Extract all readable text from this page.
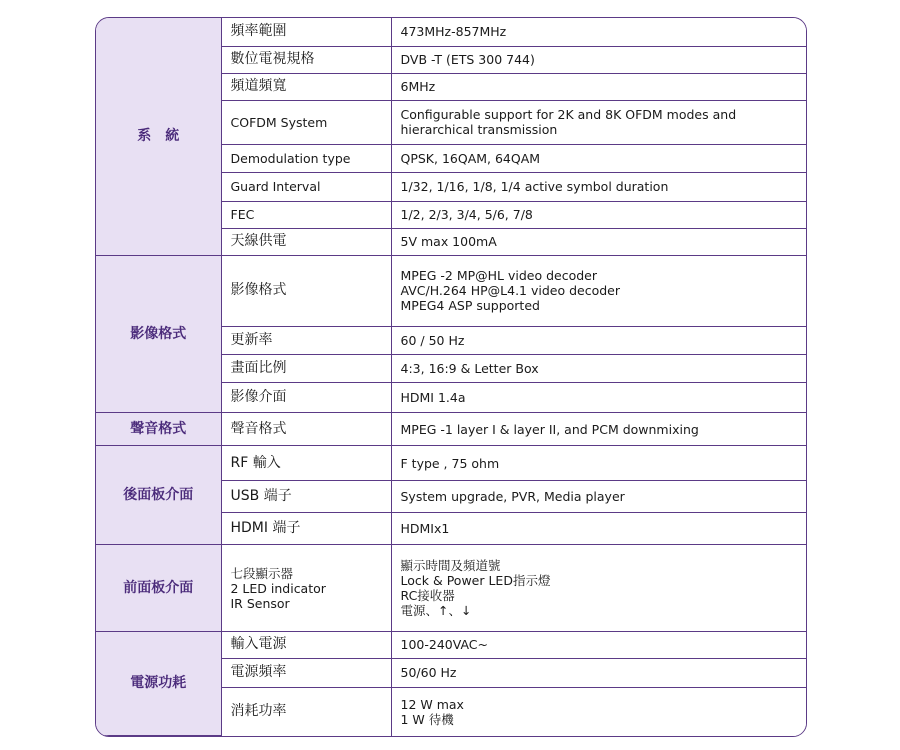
系　統	頻率範圍	473MHz-857MHz
	數位電視規格	DVB -T (ETS 300 744)
	頻道頻寬	6MHz
	COFDM System	Configurable support for 2K and 8K OFDM modes and
hierarchical transmission
	Demodulation type	QPSK, 16QAM, 64QAM
	Guard Interval	1/32, 1/16, 1/8, 1/4 active symbol duration
	FEC	1/2, 2/3, 3/4, 5/6, 7/8
	天線供電	5V max 100mA
影像格式	影像格式	MPEG -2 MP@HL video decoder
AVC/H.264 HP@L4.1 video decoder
MPEG4 ASP supported
	更新率	60 / 50 Hz
	畫面比例	4:3, 16:9 & Letter Box
	影像介面	HDMI 1.4a
聲音格式	聲音格式	MPEG -1 layer I & layer II, and PCM downmixing
後面板介面	RF 輸入	F type , 75 ohm
	USB 端子	System upgrade, PVR, Media player
	HDMI 端子	HDMIx1
前面板介面	七段顯示器
2 LED indicator
IR Sensor	顯示時間及頻道號
Lock & Power LED指示燈
RC接收器
電源、↑、↓
電源功耗	輸入電源	100-240VAC~
	電源頻率	50/60 Hz
	消耗功率	12 W max
1 W 待機
